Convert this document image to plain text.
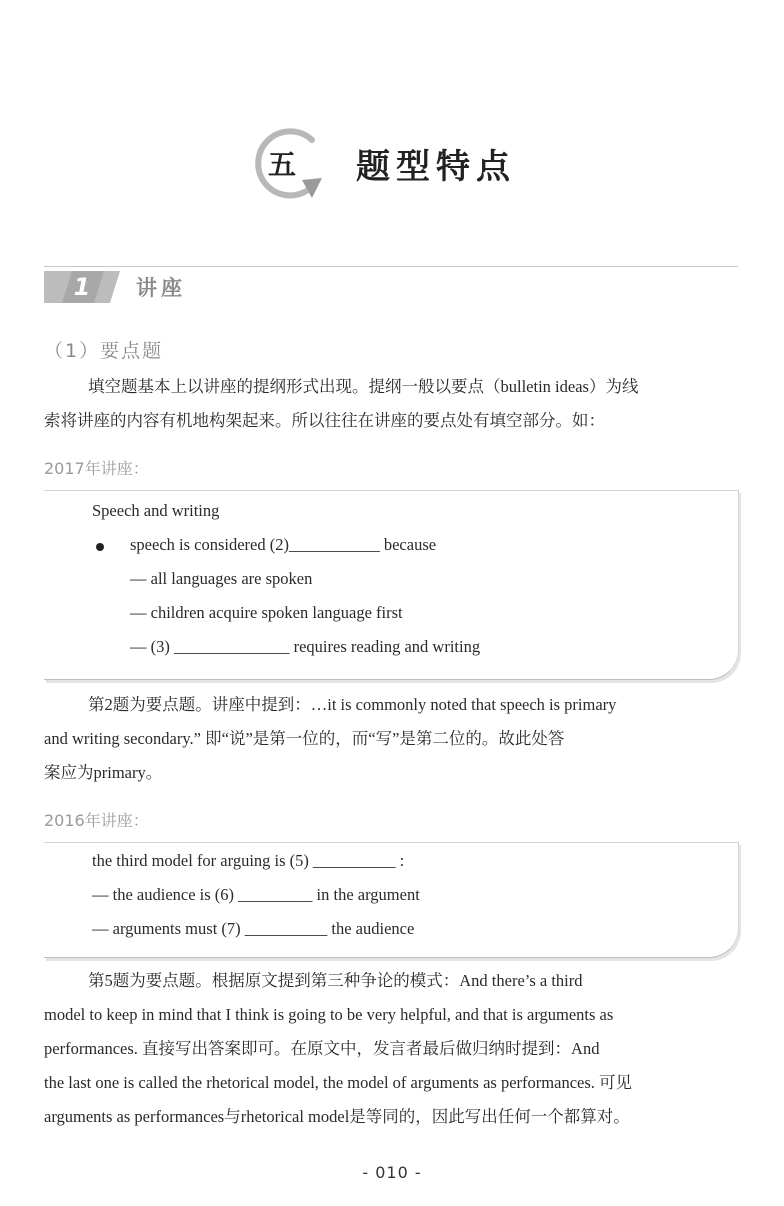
五	题型特点
1	讲座
（1）要点题

填空题基本上以讲座的提纲形式出现。提纲一般以要点（bulletin ideas）为线

索将讲座的内容有机地构架起来。所以往往在讲座的要点处有填空部分。如：

2017年讲座：
Speech and writing
speech is considered (2)___________ because
— all languages are spoken
— children acquire spoken language first
— (3) ______________ requires reading and writing

第2题为要点题。讲座中提到：…it is commonly noted that speech is primary

and writing secondary.” 即“说”是第一位的，而“写”是第二位的。故此处答

案应为primary。

2016年讲座：
the third model for arguing is (5) __________ :
— the audience is (6) _________ in the argument
— arguments must (7) __________ the audience

第5题为要点题。根据原文提到第三种争论的模式：And there’s a third

model to keep in mind that I think is going to be very helpful, and that is arguments as

performances. 直接写出答案即可。在原文中，发言者最后做归纳时提到：And

the last one is called the rhetorical model, the model of arguments as performances. 可见

arguments as performances与rhetorical model是等同的，因此写出任何一个都算对。

- 010 -
